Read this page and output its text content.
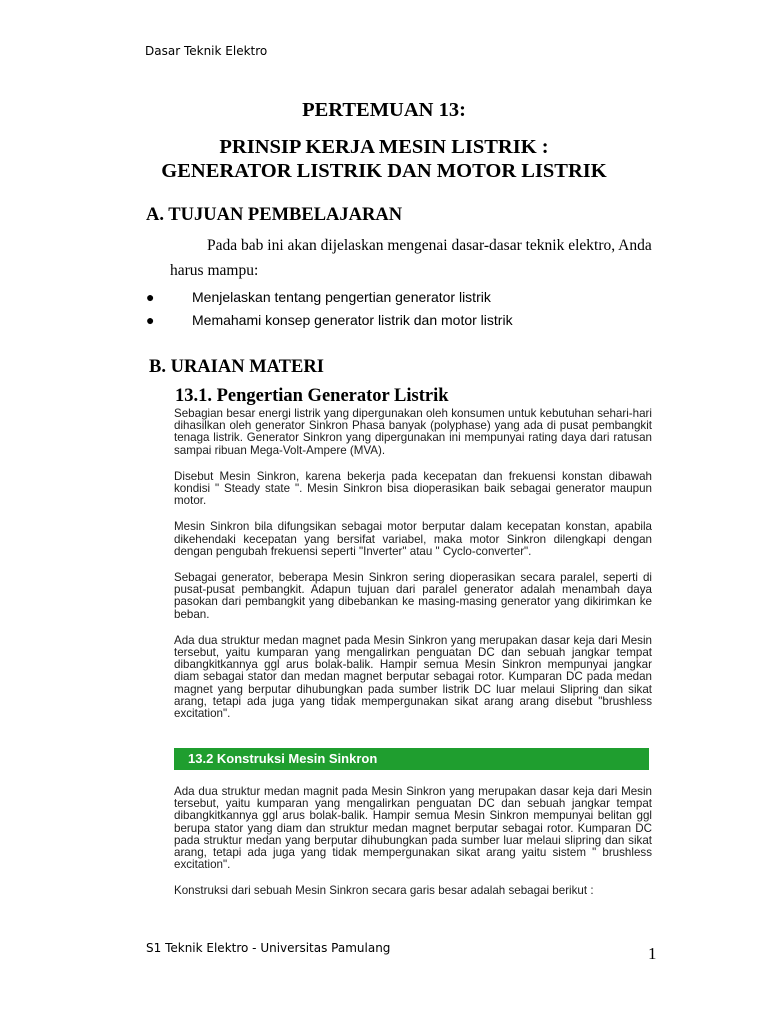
Dasar Teknik Elektro
PERTEMUAN 13:
PRINSIP KERJA MESIN LISTRIK :
GENERATOR LISTRIK DAN MOTOR LISTRIK
A. TUJUAN PEMBELAJARAN
Pada bab ini akan dijelaskan mengenai dasar-dasar teknik elektro, Anda
harus mampu:
●	Menjelaskan tentang pengertian generator listrik
●	Memahami konsep generator listrik dan motor listrik
B. URAIAN MATERI
13.1. Pengertian Generator Listrik

Sebagian besar energi listrik yang dipergunakan oleh konsumen untuk kebutuhan sehari-hari dihasilkan oleh generator Sinkron Phasa banyak (polyphase) yang ada di pusat pembangkit tenaga listrik. Generator Sinkron yang dipergunakan ini mempunyai rating daya dari ratusan sampai ribuan Mega-Volt-Ampere (MVA).

Disebut Mesin Sinkron, karena bekerja pada kecepatan dan frekuensi konstan dibawah kondisi " Steady state ". Mesin Sinkron bisa dioperasikan baik sebagai generator maupun motor.

Mesin Sinkron bila difungsikan sebagai motor berputar dalam kecepatan konstan, apabila dikehendaki kecepatan yang bersifat variabel, maka motor Sinkron dilengkapi dengan dengan pengubah frekuensi seperti "Inverter" atau " Cyclo-converter".

Sebagai generator, beberapa Mesin Sinkron sering dioperasikan secara paralel, seperti di pusat-pusat pembangkit. Adapun tujuan dari paralel generator adalah menambah daya pasokan dari pembangkit yang dibebankan ke masing-masing generator yang dikirimkan ke beban.

Ada dua struktur medan magnet pada Mesin Sinkron yang merupakan dasar keja dari Mesin tersebut, yaitu kumparan yang mengalirkan penguatan DC dan sebuah jangkar tempat dibangkitkannya ggl arus bolak-balik. Hampir semua Mesin Sinkron mempunyai jangkar diam sebagai stator dan medan magnet berputar sebagai rotor. Kumparan DC pada medan magnet yang berputar dihubungkan pada sumber listrik DC luar melaui Slipring dan sikat arang, tetapi ada juga yang tidak mempergunakan sikat arang arang disebut "brushless excitation".

13.2 Konstruksi Mesin Sinkron

Ada dua struktur medan magnit pada Mesin Sinkron yang merupakan dasar keja dari Mesin tersebut, yaitu kumparan yang mengalirkan penguatan DC dan sebuah jangkar tempat dibangkitkannya ggl arus bolak-balik. Hampir semua Mesin Sinkron mempunyai belitan ggl berupa stator yang diam dan struktur medan magnet berputar sebagai rotor. Kumparan DC pada struktur medan yang berputar dihubungkan pada sumber luar melaui slipring dan sikat arang, tetapi ada juga yang tidak mempergunakan sikat arang yaitu sistem " brushless excitation".

Konstruksi dari sebuah Mesin Sinkron secara garis besar adalah sebagai berikut :

S1 Teknik Elektro - Universitas Pamulang	1
